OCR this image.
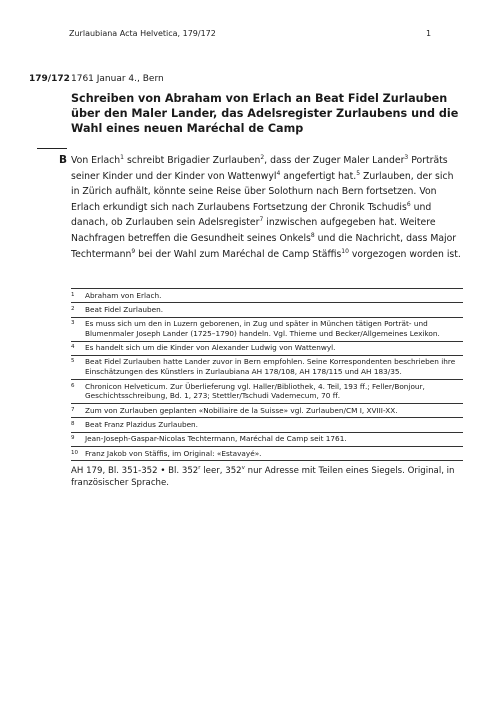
Zurlaubiana Acta Helvetica, 179/172	1
179/172 1761 Januar 4., Bern
Schreiben von Abraham von Erlach an Beat Fidel Zurlauben über den Maler Lander, das Adelsregister Zurlaubens und die Wahl eines neuen Maréchal de Camp
B Von Erlach$^1$ schreibt Brigadier Zurlauben$^2$, dass der Zuger Maler Lander$^3$ Porträts seiner Kinder und der Kinder von Wattenwyl$^4$ angefertigt hat.$^5$ Zurlauben, der sich in Zürich aufhält, könnte seine Reise über Solothurn nach Bern fortsetzen. Von Erlach erkundigt sich nach Zurlaubens Fortsetzung der Chronik Tschudis$^6$ und danach, ob Zurlauben sein Adelsregister$^7$ inzwischen aufgegeben hat. Weitere Nachfragen betreffen die Gesundheit seines Onkels$^8$ und die Nachricht, dass Major Techtermann$^9$ bei der Wahl zum Maréchal de Camp Stäffis$^{10}$ vorgezogen worden ist.

1	Abraham von Erlach.
2	Beat Fidel Zurlauben.
3	Es muss sich um den in Luzern geborenen, in Zug und später in München tätigen Porträt- und Blumenmaler Joseph Lander (1725–1790) handeln. Vgl. Thieme und Becker/Allgemeines Lexikon.
4	Es handelt sich um die Kinder von Alexander Ludwig von Wattenwyl.
5	Beat Fidel Zurlauben hatte Lander zuvor in Bern empfohlen. Seine Korrespondenten beschrieben ihre Einschätzungen des Künstlers in Zurlaubiana AH 178/108, AH 178/115 und AH 183/35.
6	Chronicon Helveticum. Zur Überlieferung vgl. Haller/Bibliothek, 4. Teil, 193 ff.; Feller/Bonjour, Geschichtsschreibung, Bd. 1, 273; Stettler/Tschudi Vademecum, 70 ff.
7	Zum von Zurlauben geplanten «Nobiliaire de la Suisse» vgl. Zurlauben/CM I, XVIII-XX.
8	Beat Franz Plazidus Zurlauben.
9	Jean-Joseph-Gaspar-Nicolas Techtermann, Maréchal de Camp seit 1761.
10 Franz Jakob von Stäffis, im Original: «Estavayé».
AH 179, Bl. 351-352 • Bl. 352$^r$ leer, 352$^v$ nur Adresse mit Teilen eines Siegels. Original, in französischer Sprache.
